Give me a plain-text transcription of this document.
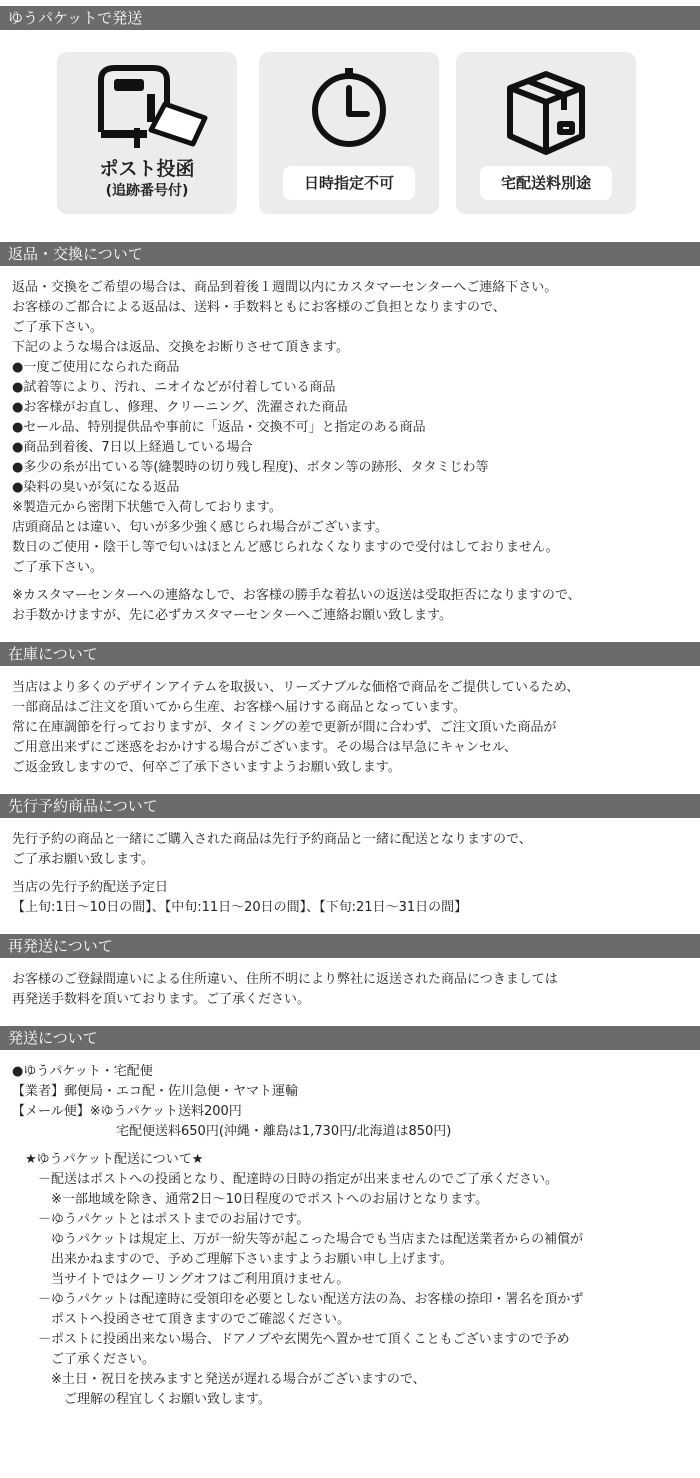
ゆうパケットで発送
ポスト投函
(追跡番号付)	日時指定不可	宅配送料別途
返品・交換について
返品・交換をご希望の場合は、商品到着後１週間以内にカスタマーセンターへご連絡下さい。
お客様のご都合による返品は、送料・手数料ともにお客様のご負担となりますので、
ご了承下さい。
下記のような場合は返品、交換をお断りさせて頂きます。
●一度ご使用になられた商品
●試着等により、汚れ、ニオイなどが付着している商品
●お客様がお直し、修理、クリーニング、洗濯された商品
●セール品、特別提供品や事前に「返品・交換不可」と指定のある商品
●商品到着後、7日以上経過している場合
●多少の糸が出ている等(縫製時の切り残し程度)、ボタン等の跡形、タタミじわ等
●染料の臭いが気になる返品
※製造元から密閉下状態で入荷しております。
店頭商品とは違い、匂いが多少強く感じられ場合がございます。
数日のご使用・陰干し等で匂いはほとんど感じられなくなりますので受付はしておりません。
ご了承下さい。
※カスタマーセンターへの連絡なしで、お客様の勝手な着払いの返送は受取拒否になりますので、
お手数かけますが、先に必ずカスタマーセンターへご連絡お願い致します。
在庫について
当店はより多くのデザインアイテムを取扱い、リーズナブルな価格で商品をご提供しているため、
一部商品はご注文を頂いてから生産、お客様へ届けする商品となっています。
常に在庫調節を行っておりますが、タイミングの差で更新が間に合わず、ご注文頂いた商品が
ご用意出来ずにご迷惑をおかけする場合がございます。その場合は早急にキャンセル、
ご返金致しますので、何卒ご了承下さいますようお願い致します。
先行予約商品について
先行予約の商品と一緒にご購入された商品は先行予約商品と一緒に配送となりますので、
ご了承お願い致します。
当店の先行予約配送予定日
【上旬:1日〜10日の間】、【中旬:11日〜20日の間】、【下旬:21日〜31日の間】
再発送について
お客様のご登録間違いによる住所違い、住所不明により弊社に返送された商品につきましては
再発送手数料を頂いております。ご了承ください。
発送について
●ゆうパケット・宅配便
【業者】郵便局・エコ配・佐川急便・ヤマト運輸
【メール便】※ゆうパケット送料200円
　　　　　　　　宅配便送料650円(沖縄・離島は1,730円/北海道は850円)
　★ゆうパケット配送について★
　　－配送はポストへの投函となり、配達時の日時の指定が出来ませんのでご了承ください。
　　　※一部地域を除き、通常2日〜10日程度のでポストへのお届けとなります。
　　－ゆうパケットとはポストまでのお届けです。
　　　ゆうパケットは規定上、万が一紛失等が起こった場合でも当店または配送業者からの補償が
　　　出来かねますので、予めご理解下さいますようお願い申し上げます。
　　　当サイトではクーリングオフはご利用頂けません。
　　－ゆうパケットは配達時に受領印を必要としない配送方法の為、お客様の捺印・署名を頂かず
　　　ポストへ投函させて頂きますのでご確認ください。
　　－ポストに投函出来ない場合、ドアノブや玄関先へ置かせて頂くこともございますので予め
　　　ご了承ください。
　　　※土日・祝日を挟みますと発送が遅れる場合がございますので、
　　　　ご理解の程宜しくお願い致します。
